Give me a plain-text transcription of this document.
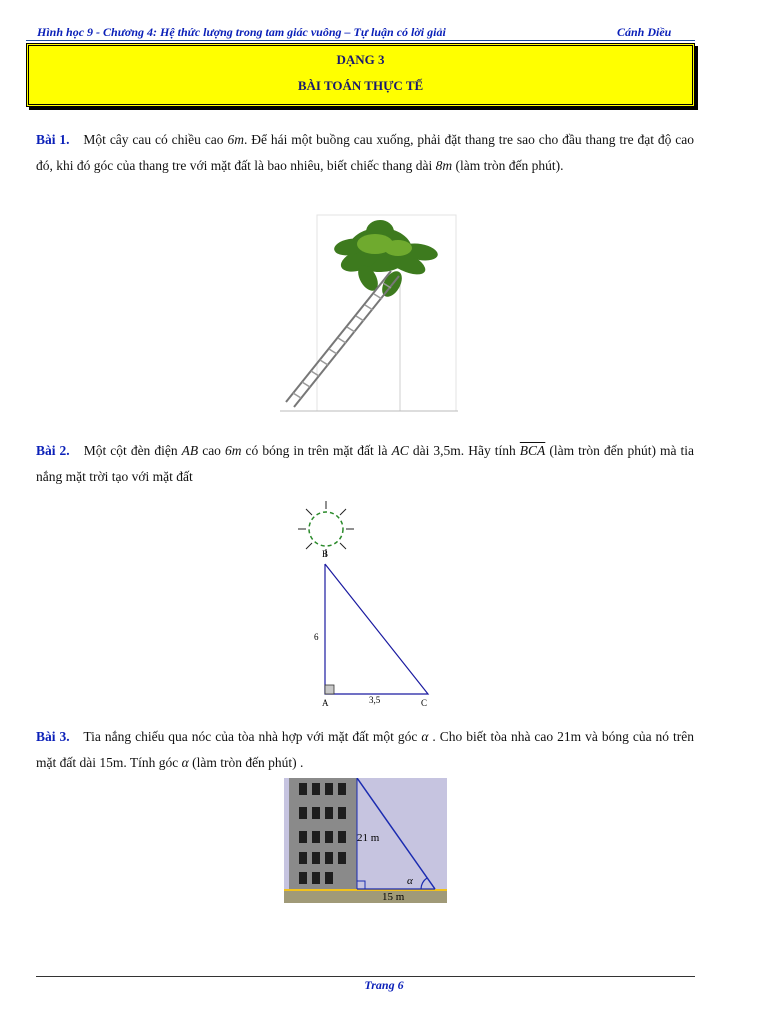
Hình học 9 - Chương 4: Hệ thức lượng trong tam giác vuông – Tự luận có lời giải	Cánh Diều
DẠNG 3
BÀI TOÁN THỰC TẾ
Bài 1. Một cây cau có chiều cao 6m. Để hái một buồng cau xuống, phải đặt thang tre sao cho đầu thang tre đạt độ cao đó, khi đó góc của thang tre với mặt đất là bao nhiêu, biết chiếc thang dài 8m (làm tròn đến phút).
Bài 2. Một cột đèn điện AB cao 6m có bóng in trên mặt đất là AC dài 3,5m. Hãy tính $\overline{BCA}$ (làm tròn đến phút) mà tia nắng mặt trời tạo với mặt đất
B
A	C
6
3,5
Bài 3. Tia nắng chiếu qua nóc của tòa nhà hợp với mặt đất một góc α . Cho biết tòa nhà cao 21m và bóng của nó trên mặt đất dài 15m. Tính góc α (làm tròn đến phút) .
21 m
α
15 m
Trang 6
